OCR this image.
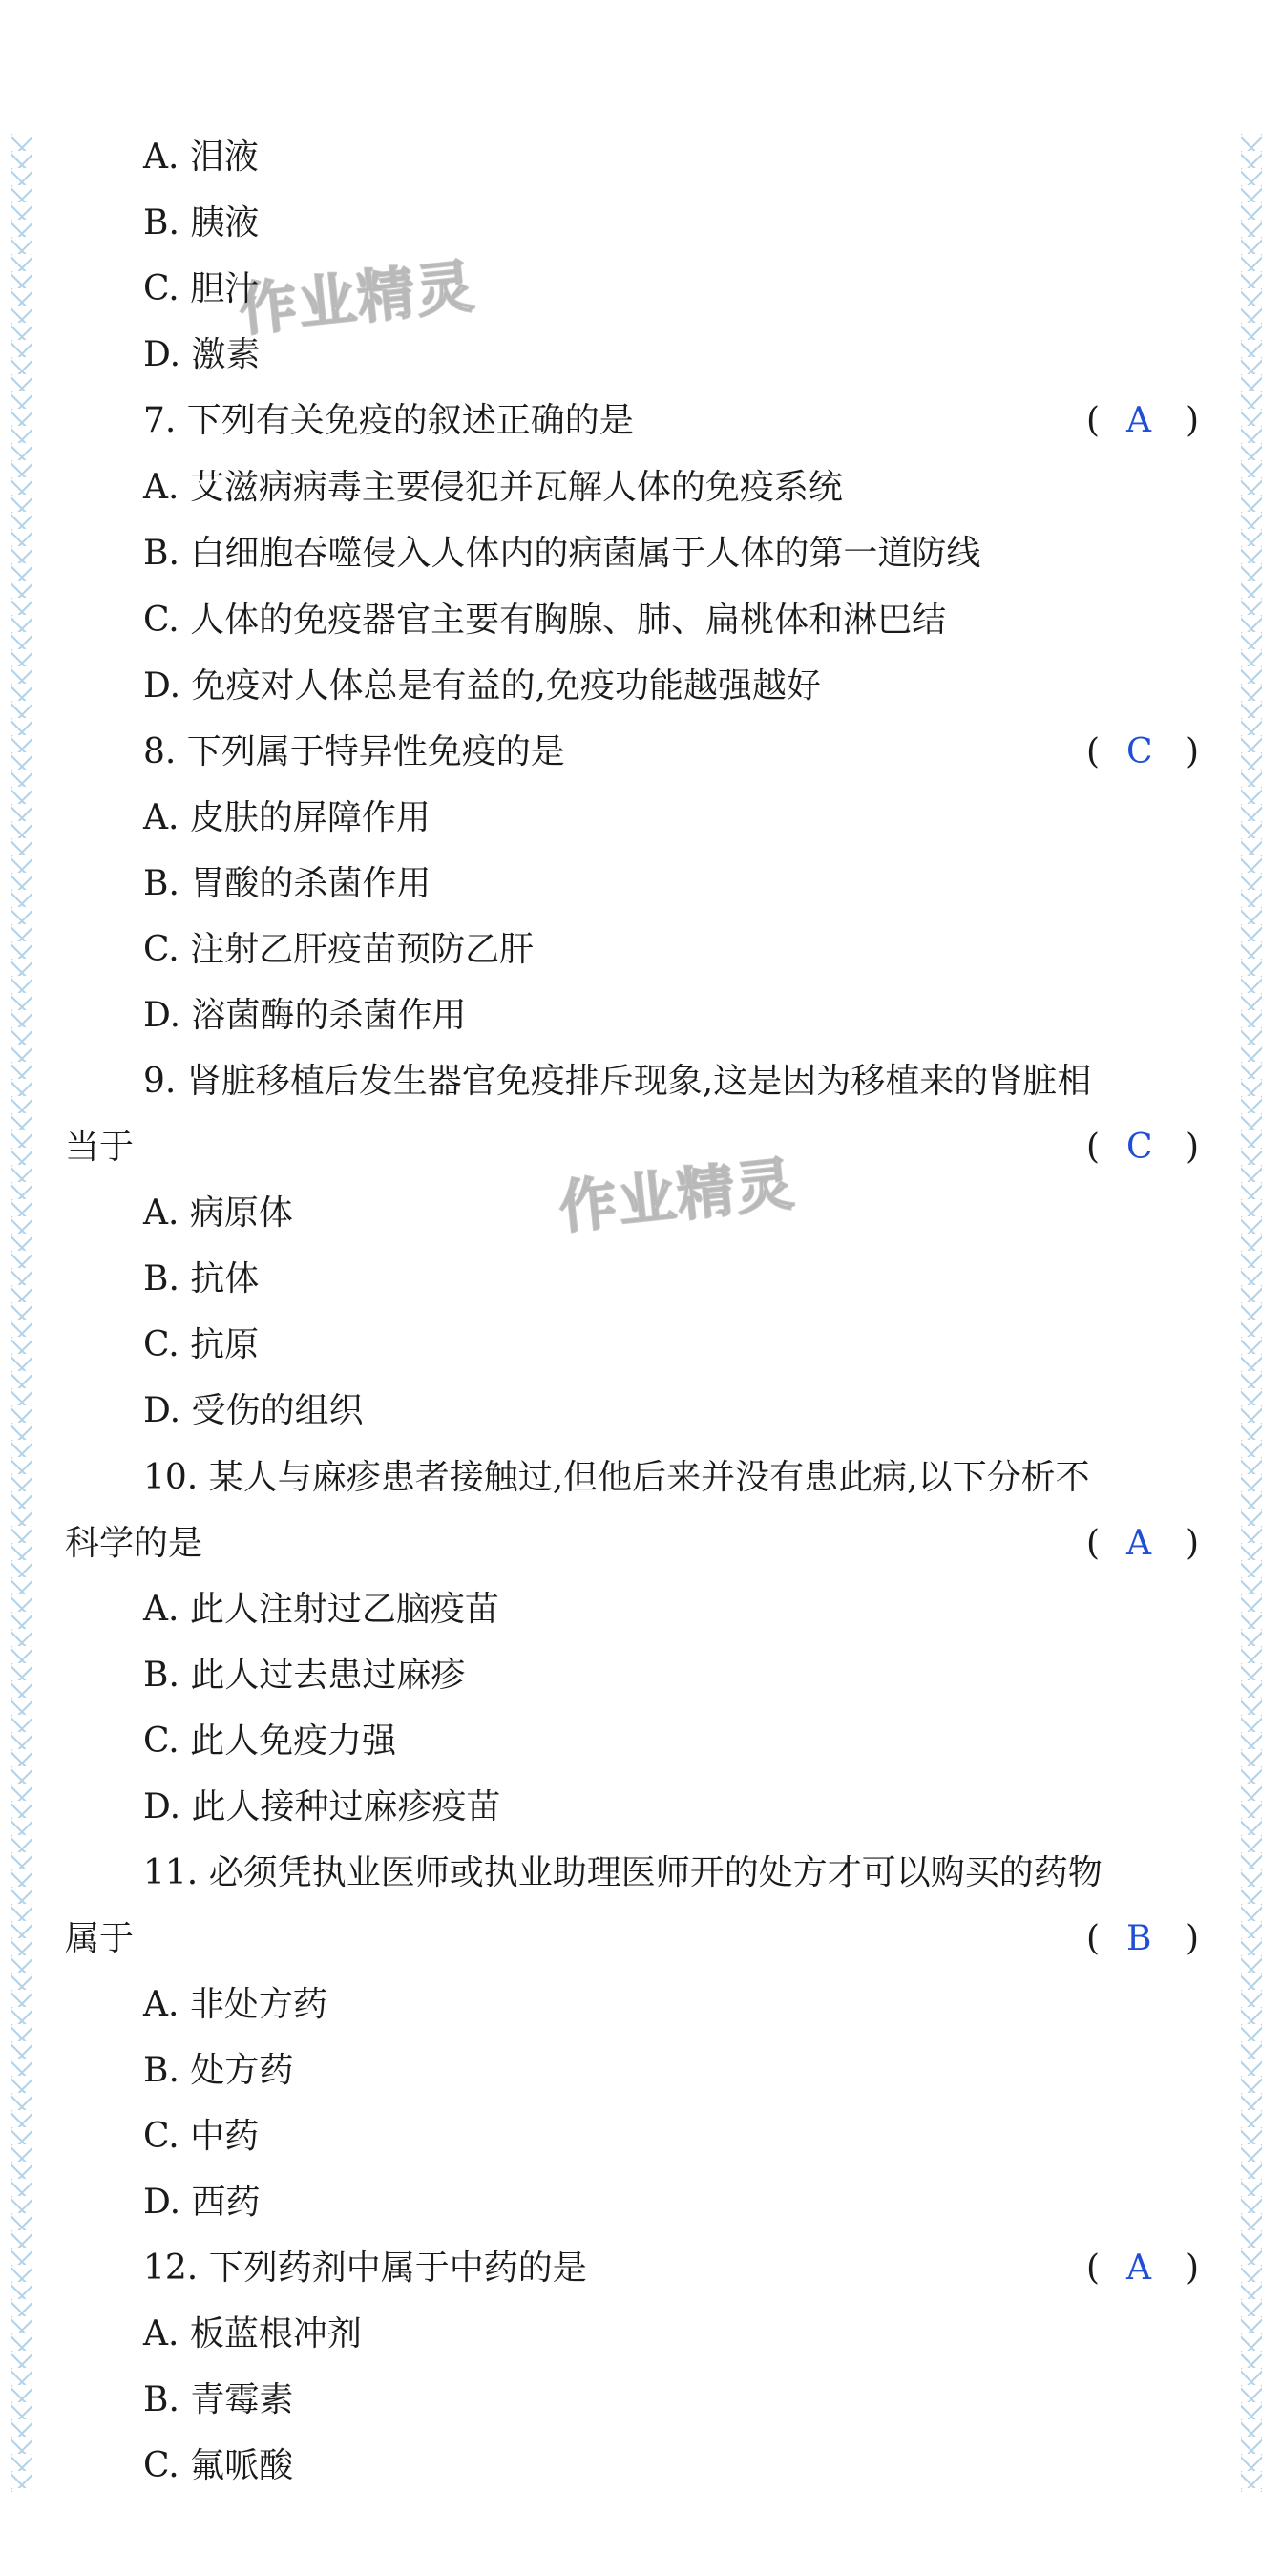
作业精灵
作业精灵
A. 泪液
B. 胰液
C. 胆汁
D. 激素
7. 下列有关免疫的叙述正确的是	( A )
A. 艾滋病病毒主要侵犯并瓦解人体的免疫系统
B. 白细胞吞噬侵入人体内的病菌属于人体的第一道防线
C. 人体的免疫器官主要有胸腺、肺、扁桃体和淋巴结
D. 免疫对人体总是有益的,免疫功能越强越好
8. 下列属于特异性免疫的是	( C )
A. 皮肤的屏障作用
B. 胃酸的杀菌作用
C. 注射乙肝疫苗预防乙肝
D. 溶菌酶的杀菌作用
9. 肾脏移植后发生器官免疫排斥现象,这是因为移植来的肾脏相
当于	( C )
A. 病原体
B. 抗体
C. 抗原
D. 受伤的组织
10. 某人与麻疹患者接触过,但他后来并没有患此病,以下分析不
科学的是	( A )
A. 此人注射过乙脑疫苗
B. 此人过去患过麻疹
C. 此人免疫力强
D. 此人接种过麻疹疫苗
11. 必须凭执业医师或执业助理医师开的处方才可以购买的药物
属于	( B )
A. 非处方药
B. 处方药
C. 中药
D. 西药
12. 下列药剂中属于中药的是	( A )
A. 板蓝根冲剂
B. 青霉素
C. 氟哌酸
